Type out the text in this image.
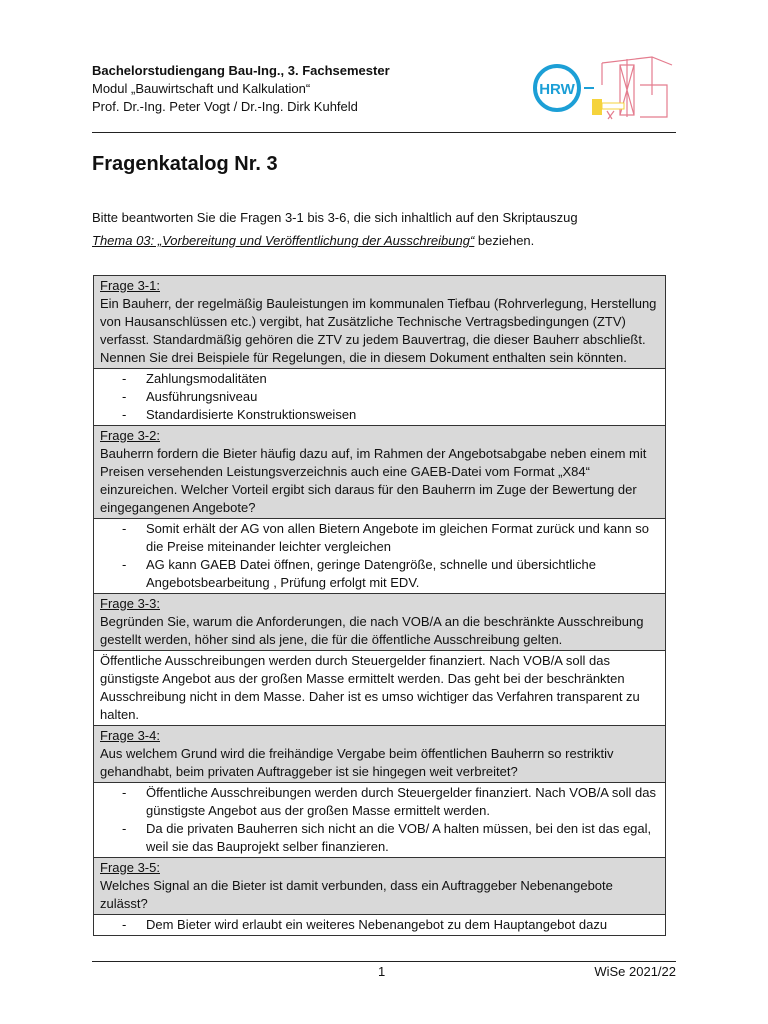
Bachelorstudiengang Bau-Ing., 3. Fachsemester
Modul „Bauwirtschaft und Kalkulation“
Prof. Dr.-Ing. Peter Vogt / Dr.-Ing. Dirk Kuhfeld
HRW
Fragenkatalog Nr. 3
Bitte beantworten Sie die Fragen 3-1 bis 3-6, die sich inhaltlich auf den Skriptauszug
Thema 03: „Vorbereitung und Veröffentlichung der Ausschreibung“ beziehen.
Frage 3-1:
Ein Bauherr, der regelmäßig Bauleistungen im kommunalen Tiefbau (Rohrverlegung, Herstellung von Hausanschlüssen etc.) vergibt, hat Zusätzliche Technische Vertragsbedingungen (ZTV) verfasst. Standardmäßig gehören die ZTV zu jedem Bauvertrag, die dieser Bauherr abschließt. Nennen Sie drei Beispiele für Regelungen, die in diesem Dokument enthalten sein könnten.
- Zahlungsmodalitäten
- Ausführungsniveau
- Standardisierte Konstruktionsweisen
Frage 3-2:
Bauherrn fordern die Bieter häufig dazu auf, im Rahmen der Angebotsabgabe neben einem mit Preisen versehenden Leistungsverzeichnis auch eine GAEB-Datei vom Format „X84“ einzureichen. Welcher Vorteil ergibt sich daraus für den Bauherrn im Zuge der Bewertung der eingegangenen Angebote?
- Somit erhält der AG von allen Bietern Angebote im gleichen Format zurück und kann so die Preise miteinander leichter vergleichen
- AG kann GAEB Datei öffnen, geringe Datengröße, schnelle und übersichtliche Angebotsbearbeitung , Prüfung erfolgt mit EDV.
Frage 3-3:
Begründen Sie, warum die Anforderungen, die nach VOB/A an die beschränkte Ausschreibung gestellt werden, höher sind als jene, die für die öffentliche Ausschreibung gelten.
Öffentliche Ausschreibungen werden durch Steuergelder finanziert. Nach VOB/A soll das günstigste Angebot aus der großen Masse ermittelt werden. Das geht bei der beschränkten Ausschreibung nicht in dem Masse. Daher ist es umso wichtiger das Verfahren transparent zu halten.
Frage 3-4:
Aus welchem Grund wird die freihändige Vergabe beim öffentlichen Bauherrn so restriktiv gehandhabt, beim privaten Auftraggeber ist sie hingegen weit verbreitet?
- Öffentliche Ausschreibungen werden durch Steuergelder finanziert. Nach VOB/A soll das günstigste Angebot aus der großen Masse ermittelt werden.
- Da die privaten Bauherren sich nicht an die VOB/ A halten müssen, bei den ist das egal, weil sie das Bauprojekt selber finanzieren.
Frage 3-5:
Welches Signal an die Bieter ist damit verbunden, dass ein Auftraggeber Nebenangebote zulässt?
- Dem Bieter wird erlaubt ein weiteres Nebenangebot zu dem Hauptangebot dazu
1	WiSe 2021/22
